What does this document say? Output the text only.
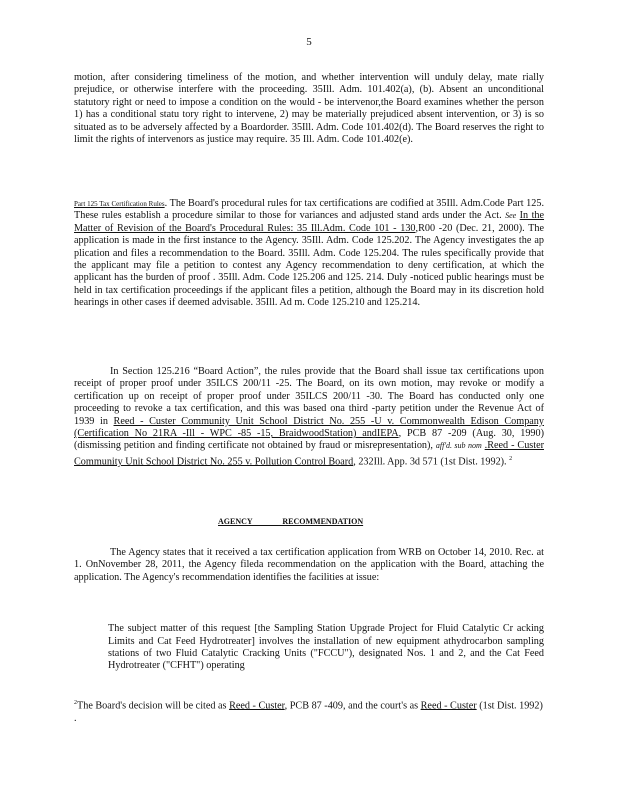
5

motion, after considering timeliness of the motion, and whether intervention will unduly delay, mate rially prejudice, or otherwise interfere with the proceeding. 35Ill. Adm. 101.402(a), (b). Absent an unconditional statutory right or need to impose a condition on the would - be intervenor,the Board examines whether the person 1) has a conditional statu tory right to intervene, 2) may be materially prejudiced absent intervention, or 3) is so situated as to be adversely affected by a Boardorder. 35Ill. Adm. Code 101.402(d). The Board reserves the right to limit the rights of intervenors as justice may require. 35 Ill. Adm. Code 101.402(e).

Part 125 Tax Certification Rules. The Board's procedural rules for tax certifications are codified at 35Ill. Adm.Code Part 125. These rules establish a procedure similar to those for variances and adjusted stand ards under the Act. See In the Matter of Revision of the Board's Procedural Rules: 35 Ill.Adm. Code 101 - 130,R00 -20 (Dec. 21, 2000). The application is made in the first instance to the Agency. 35Ill. Adm. Code 125.202. The Agency investigates the ap plication and files a recommendation to the Board. 35Ill. Adm. Code 125.204. The rules specifically provide that the applicant may file a petition to contest any Agency recommendation to deny certification, at which the applicant has the burden of proof . 35Ill. Adm. Code 125.206 and 125. 214. Duly -noticed public hearings must be held in tax certification proceedings if the applicant files a petition, although the Board may in its discretion hold hearings in other cases if deemed advisable. 35Ill. Ad m. Code 125.210 and 125.214.

In Section 125.216 “Board Action”, the rules provide that the Board shall issue tax certifications upon receipt of proper proof under 35ILCS 200/11 -25. The Board, on its own motion, may revoke or modify a certification up on receipt of proper proof under 35ILCS 200/11 -30. The Board has conducted only one proceeding to revoke a tax certification, and this was based ona third -party petition under the Revenue Act of 1939 in Reed - Custer Community Unit School District No. 255 -U v. Commonwealth Edison Company (Certification No 21RA -Ill - WPC -85 -15, BraidwoodStation) andIEPA, PCB 87 -209 (Aug. 30, 1990) (dismissing petition and finding certificate not obtained by fraud or misrepresentation), aff'd. sub nom .Reed - Custer Community Unit School District No. 255 v. Pollution Control Board, 232Ill. App. 3d 571 (1st Dist. 1992). $^2$

AGENCY RECOMMENDATION

The Agency states that it received a tax certification application from WRB on October 14, 2010. Rec. at 1. OnNovember 28, 2011, the Agency fileda recommendation on the application with the Board, attaching the application. The Agency's recommendation identifies the facilities at issue:

The subject matter of this request [the Sampling Station Upgrade Project for Fluid Catalytic Cr acking Limits and Cat Feed Hydrotreater] involves the installation of new equipment athydrocarbon sampling stations of two Fluid Catalytic Cracking Units ("FCCU"), designated Nos. 1 and 2, and the Cat Feed Hydrotreater ("CFHT") operating

$^2$The Board's decision will be cited as Reed - Custer, PCB 87 -409, and the court's as Reed - Custer (1st Dist. 1992) .
